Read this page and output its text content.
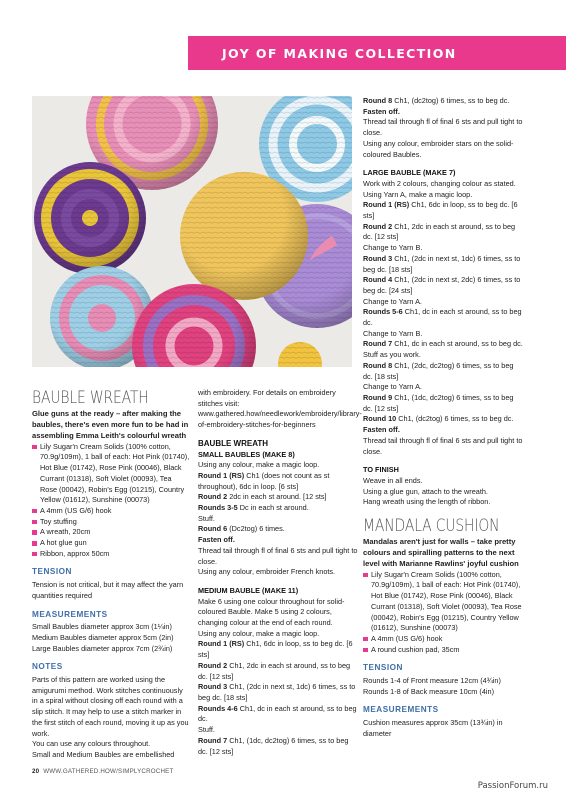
JOY OF MAKING COLLECTION
BAUBLE WREATH
Glue guns at the ready – after making the baubles, there's even more fun to be had in assembling Emma Leith's colourful wreath
Lily Sugar'n Cream Solids (100% cotton, 70.9g/109m), 1 ball of each: Hot Pink (01740), Hot Blue (01742), Rose Pink (00046), Black Currant (01318), Soft Violet (00093), Tea Rose (00042), Robin's Egg (01215), Country Yellow (01612), Sunshine (00073)
A 4mm (US G/6) hook
Toy stuffing
A wreath, 20cm
A hot glue gun
Ribbon, approx 50cm
TENSION
Tension is not critical, but it may affect the yarn quantities required
MEASUREMENTS
Small Baubles diameter approx 3cm (1¼in)
Medium Baubles diameter approx 5cm (2in)
Large Baubles diameter approx 7cm (2¾in)
NOTES
Parts of this pattern are worked using the amigurumi method. Work stitches continuously in a spiral without closing off each round with a slip stitch. It may help to use a stitch marker in the first stitch of each round, moving it up as you work.
You can use any colours throughout.
Small and Medium Baubles are embellished
with embroidery. For details on embroidery stitches visit: www.gathered.how/needlework/embroidery/library-of-embroidery-stitches-for-beginners
BAUBLE WREATH
SMALL BAUBLES (MAKE 8)
Using any colour, make a magic loop.
Round 1 (RS) Ch1 (does not count as st throughout), 6dc in loop. [6 sts]
Round 2 2dc in each st around. [12 sts]
Rounds 3-5 Dc in each st around.
Stuff.
Round 6 (Dc2tog) 6 times.
Fasten off.
Thread tail through fl of final 6 sts and pull tight to close.
Using any colour, embroider French knots.
MEDIUM BAUBLE (MAKE 11)
Make 6 using one colour throughout for solid-coloured Bauble. Make 5 using 2 colours, changing colour at the end of each round.
Using any colour, make a magic loop.
Round 1 (RS) Ch1, 6dc in loop, ss to beg dc. [6 sts]
Round 2 Ch1, 2dc in each st around, ss to beg dc. [12 sts]
Round 3 Ch1, (2dc in next st, 1dc) 6 times, ss to beg dc. [18 sts]
Rounds 4-6 Ch1, dc in each st around, ss to beg dc.
Stuff.
Round 7 Ch1, (1dc, dc2tog) 6 times, ss to beg dc. [12 sts]
Round 8 Ch1, (dc2tog) 6 times, ss to beg dc.
Fasten off.
Thread tail through fl of final 6 sts and pull tight to close.
Using any colour, embroider stars on the solid-coloured Baubles.
LARGE BAUBLE (MAKE 7)
Work with 2 colours, changing colour as stated.
Using Yarn A, make a magic loop.
Round 1 (RS) Ch1, 6dc in loop, ss to beg dc. [6 sts]
Round 2 Ch1, 2dc in each st around, ss to beg dc. [12 sts]
Change to Yarn B.
Round 3 Ch1, (2dc in next st, 1dc) 6 times, ss to beg dc. [18 sts]
Round 4 Ch1, (2dc in next st, 2dc) 6 times, ss to beg dc. [24 sts]
Change to Yarn A.
Rounds 5-6 Ch1, dc in each st around, ss to beg dc.
Change to Yarn B.
Round 7 Ch1, dc in each st around, ss to beg dc.
Stuff as you work.
Round 8 Ch1, (2dc, dc2tog) 6 times, ss to beg dc. [18 sts]
Change to Yarn A.
Round 9 Ch1, (1dc, dc2tog) 6 times, ss to beg dc. [12 sts]
Round 10 Ch1, (dc2tog) 6 times, ss to beg dc.
Fasten off.
Thread tail through fl of final 6 sts and pull tight to close.
TO FINISH
Weave in all ends.
Using a glue gun, attach to the wreath.
Hang wreath using the length of ribbon.
MANDALA CUSHION
Mandalas aren't just for walls – take pretty colours and spiralling patterns to the next level with Marianne Rawlins' joyful cushion
Lily Sugar'n Cream Solids (100% cotton, 70.9g/109m), 1 ball of each: Hot Pink (01740), Hot Blue (01742), Rose Pink (00046), Black Currant (01318), Soft Violet (00093), Tea Rose (00042), Robin's Egg (01215), Country Yellow (01612), Sunshine (00073)
A 4mm (US G/6) hook
A round cushion pad, 35cm
TENSION
Rounds 1-4 of Front measure 12cm (4¾in)
Rounds 1-8 of Back measure 10cm (4in)
MEASUREMENTS
Cushion measures approx 35cm (13¾in) in diameter
20 WWW.GATHERED.HOW/SIMPLYCROCHET
PassionForum.ru
